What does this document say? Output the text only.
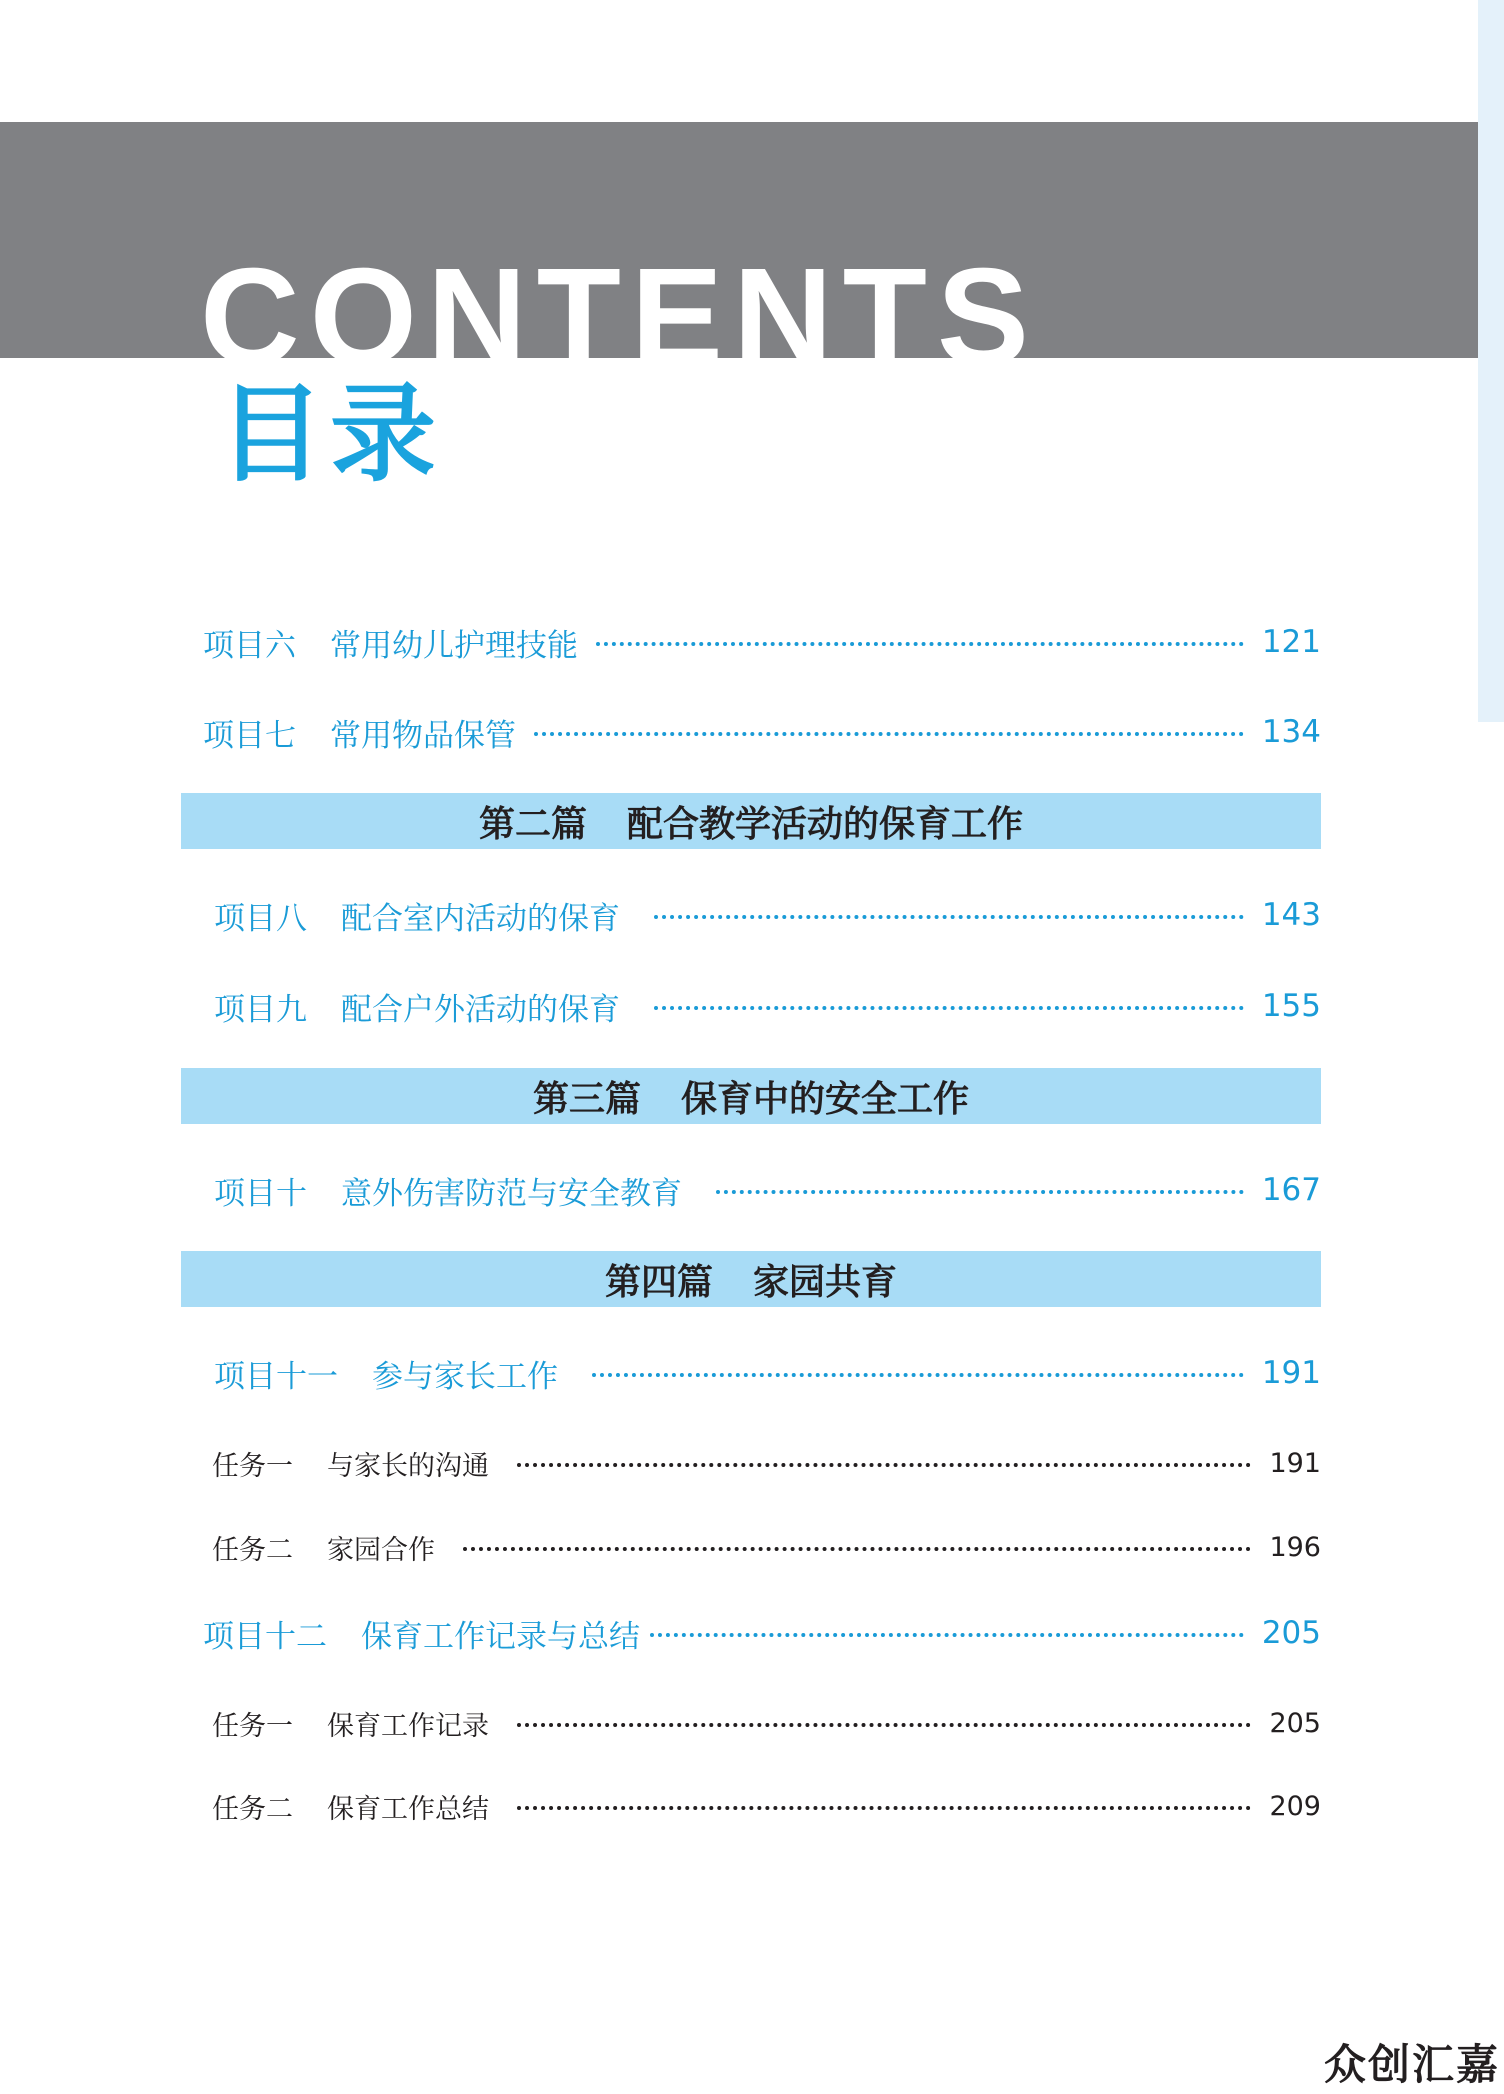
CONTENTS
目录
项目六 常用幼儿护理技能	121
项目七 常用物品保管	134
第二篇 配合教学活动的保育工作
项目八 配合室内活动的保育	143
项目九 配合户外活动的保育	155
第三篇 保育中的安全工作
项目十 意外伤害防范与安全教育	167
第四篇 家园共育
项目十一 参与家长工作	191
任务一 与家长的沟通	191
任务二 家园合作	196
项目十二 保育工作记录与总结	205
任务一 保育工作记录	205
任务二 保育工作总结	209
众创汇嘉
